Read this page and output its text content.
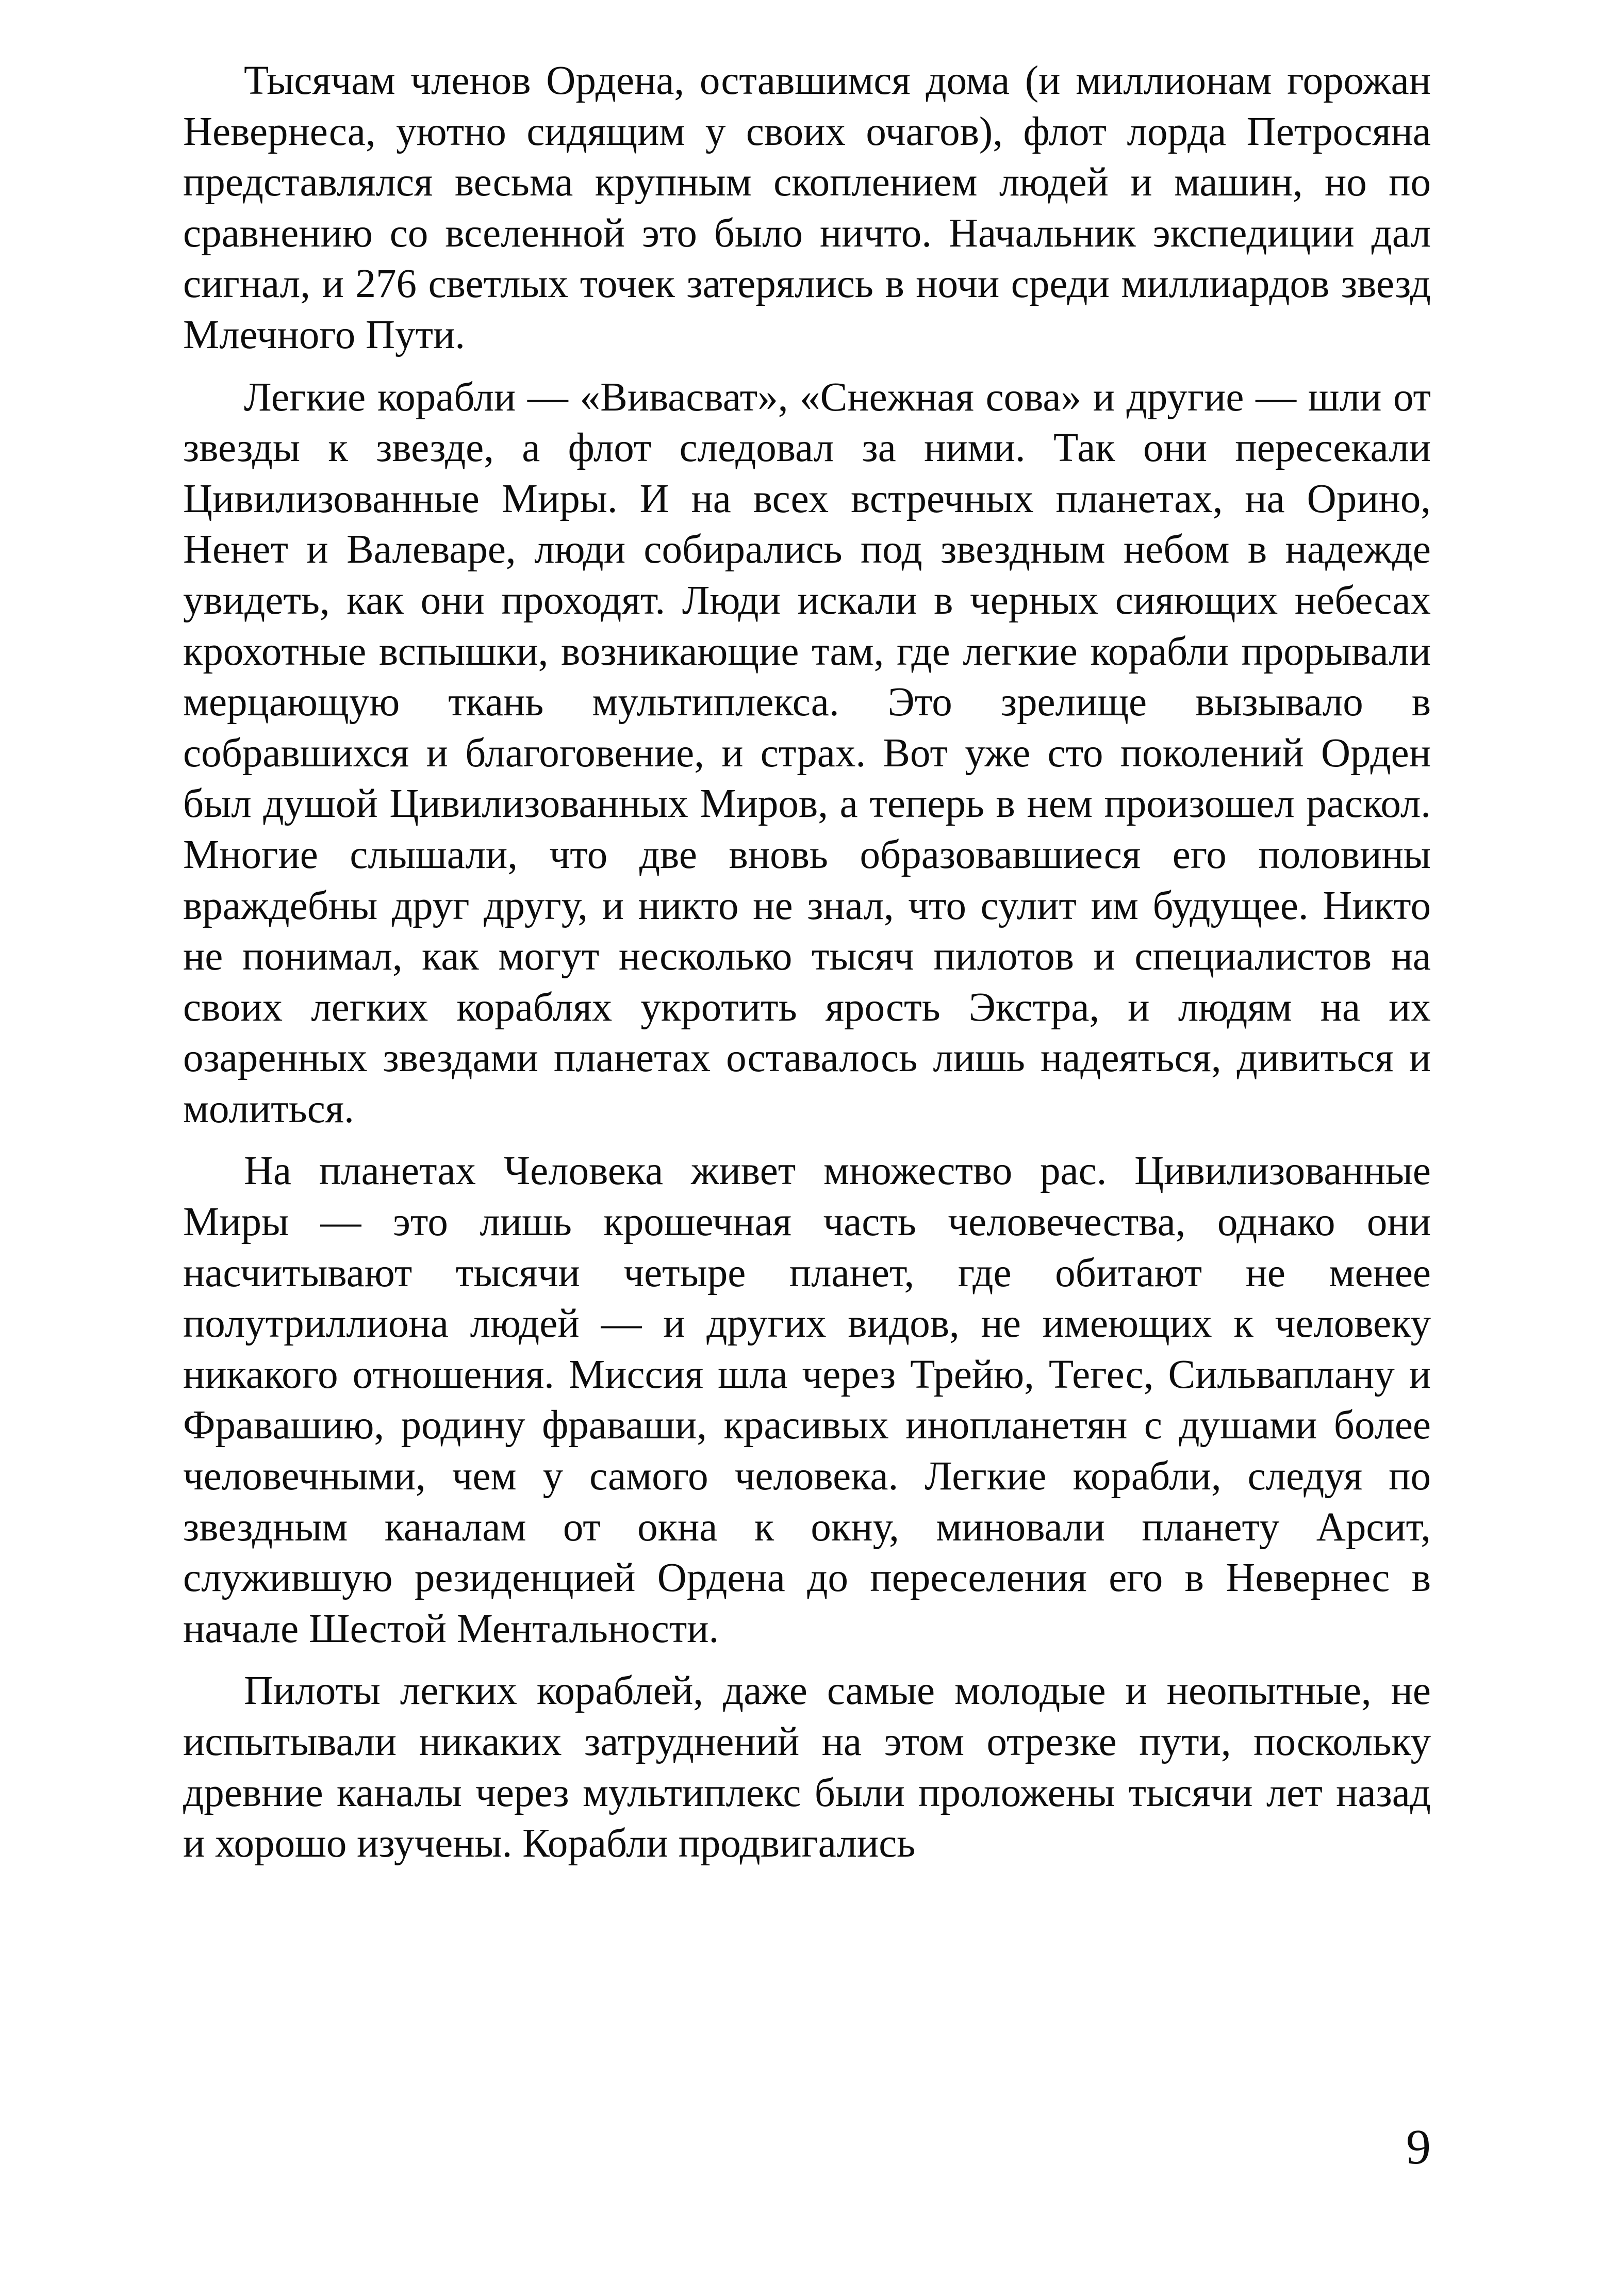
Тысячам членов Ордена, оставшимся дома (и миллионам горожан Невернеса, уютно сидящим у своих очагов), флот лорда Петросяна представлялся весьма крупным скоплением людей и машин, но по сравнению со вселенной это было ничто. Начальник экспедиции дал сигнал, и 276 светлых точек затерялись в ночи среди миллиардов звезд Млечного Пути.

Легкие корабли — «Вивасват», «Снежная сова» и другие — шли от звезды к звезде, а флот следовал за ними. Так они пересекали Цивилизованные Миры. И на всех встречных планетах, на Орино, Ненет и Валеваре, люди собирались под звездным небом в надежде увидеть, как они проходят. Люди искали в черных сияющих небесах крохотные вспышки, возникающие там, где легкие корабли прорывали мерцающую ткань мультиплекса. Это зрелище вызывало в собравшихся и благоговение, и страх. Вот уже сто поколений Орден был душой Цивилизованных Миров, а теперь в нем произошел раскол. Многие слышали, что две вновь образовавшиеся его половины враждебны друг другу, и никто не знал, что сулит им будущее. Никто не понимал, как могут несколько тысяч пилотов и специалистов на своих легких кораблях укротить ярость Экстра, и людям на их озаренных звездами планетах оставалось лишь надеяться, дивиться и молиться.

На планетах Человека живет множество рас. Цивилизованные Миры — это лишь крошечная часть человечества, однако они насчитывают тысячи четыре планет, где обитают не менее полутриллиона людей — и других видов, не имеющих к человеку никакого отношения. Миссия шла через Трейю, Тегес, Сильваплану и Фравашию, родину фраваши, красивых инопланетян с душами более человечными, чем у самого человека. Легкие корабли, следуя по звездным каналам от окна к окну, миновали планету Арсит, служившую резиденцией Ордена до переселения его в Невернес в начале Шестой Ментальности.

Пилоты легких кораблей, даже самые молодые и неопытные, не испытывали никаких затруднений на этом отрезке пути, поскольку древние каналы через мультиплекс были проложены тысячи лет назад и хорошо изучены. Корабли продвигались

9
